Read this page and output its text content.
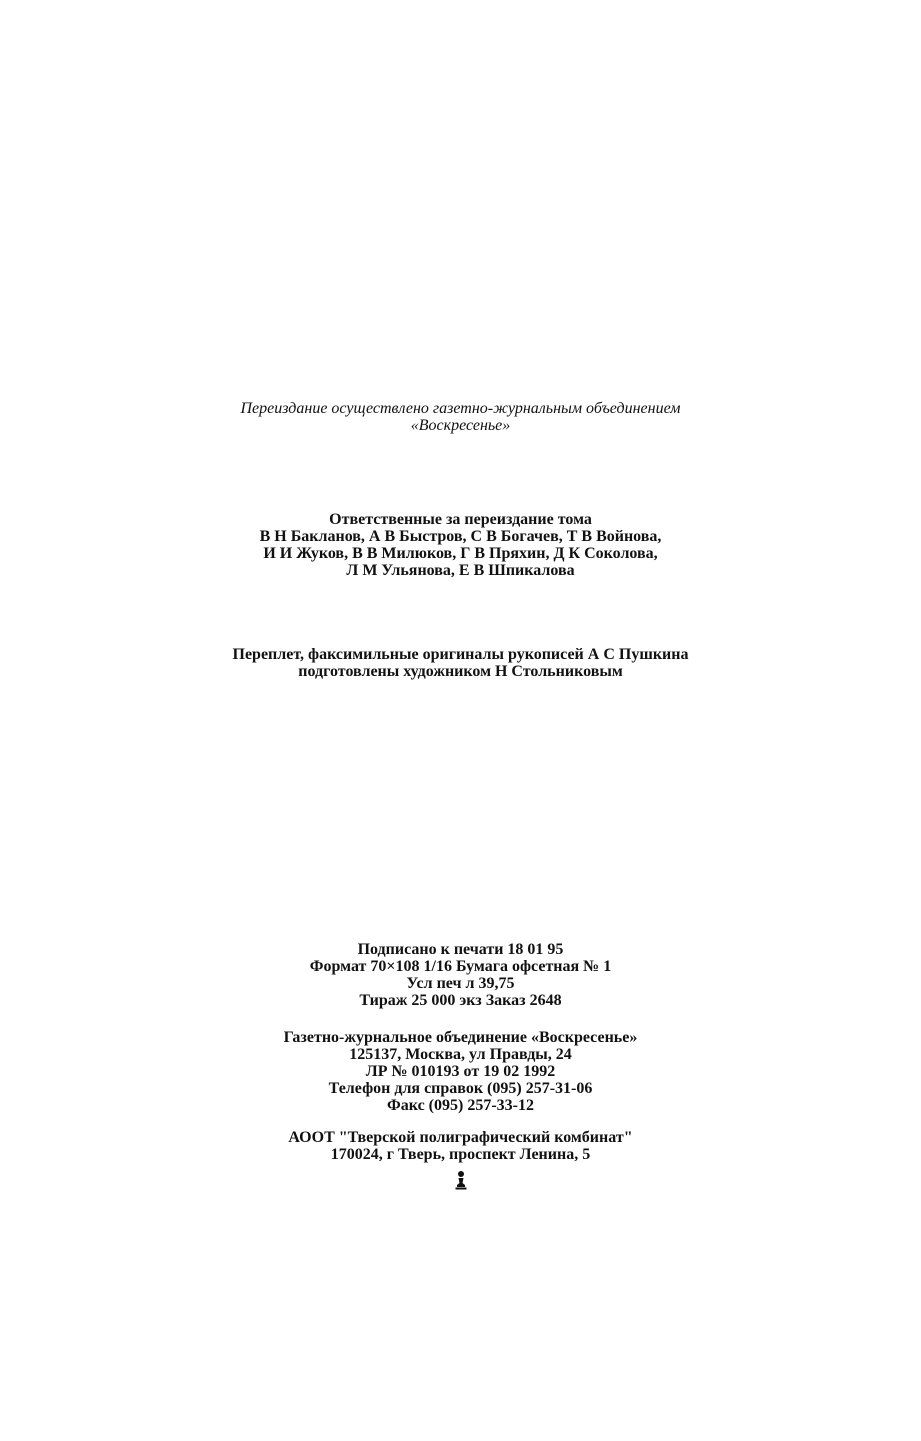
Переиздание осуществлено газетно-журнальным объединением
«Воскресенье»
Ответственные за переиздание тома
В Н Бакланов, А В Быстров, С В Богачев, Т В Войнова,
И И Жуков, В В Милюков, Г В Пряхин, Д К Соколова,
Л М Ульянова, Е В Шпикалова
Переплет, факсимильные оригиналы рукописей А С Пушкина
подготовлены художником Н Стольниковым
Подписано к печати 18 01 95
Формат 70×108 1/16 Бумага офсетная № 1
Усл печ л 39,75
Тираж 25 000 экз Заказ 2648
Газетно-журнальное объединение «Воскресенье»
125137, Москва, ул Правды, 24
ЛР № 010193 от 19 02 1992
Телефон для справок (095) 257-31-06
Факс (095) 257-33-12
АООТ "Тверской полиграфический комбинат"
170024, г Тверь, проспект Ленина, 5
